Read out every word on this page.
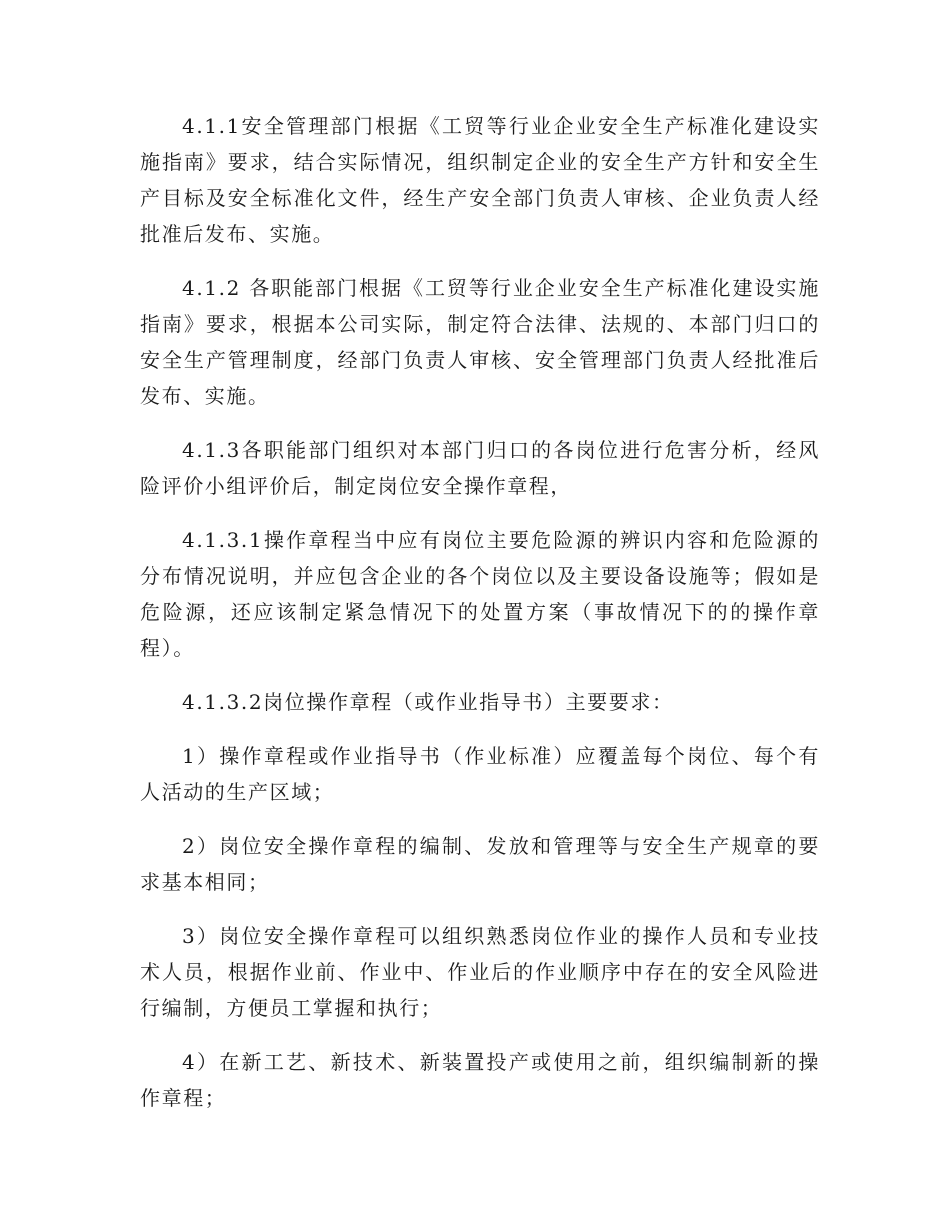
4.1.1安全管理部门根据《工贸等行业企业安全生产标准化建设实施指南》要求，结合实际情况，组织制定企业的安全生产方针和安全生产目标及安全标准化文件，经生产安全部门负责人审核、企业负责人经批准后发布、实施。

4.1.2 各职能部门根据《工贸等行业企业安全生产标准化建设实施指南》要求，根据本公司实际，制定符合法律、法规的、本部门归口的安全生产管理制度，经部门负责人审核、安全管理部门负责人经批准后发布、实施。

4.1.3各职能部门组织对本部门归口的各岗位进行危害分析，经风险评价小组评价后，制定岗位安全操作章程，

4.1.3.1操作章程当中应有岗位主要危险源的辨识内容和危险源的分布情况说明，并应包含企业的各个岗位以及主要设备设施等；假如是危险源，还应该制定紧急情况下的处置方案（事故情况下的的操作章程）。

4.1.3.2岗位操作章程（或作业指导书）主要要求：

1）操作章程或作业指导书（作业标准）应覆盖每个岗位、每个有人活动的生产区域；

2）岗位安全操作章程的编制、发放和管理等与安全生产规章的要求基本相同；

3）岗位安全操作章程可以组织熟悉岗位作业的操作人员和专业技术人员，根据作业前、作业中、作业后的作业顺序中存在的安全风险进行编制，方便员工掌握和执行；

4）在新工艺、新技术、新装置投产或使用之前，组织编制新的操作章程；
